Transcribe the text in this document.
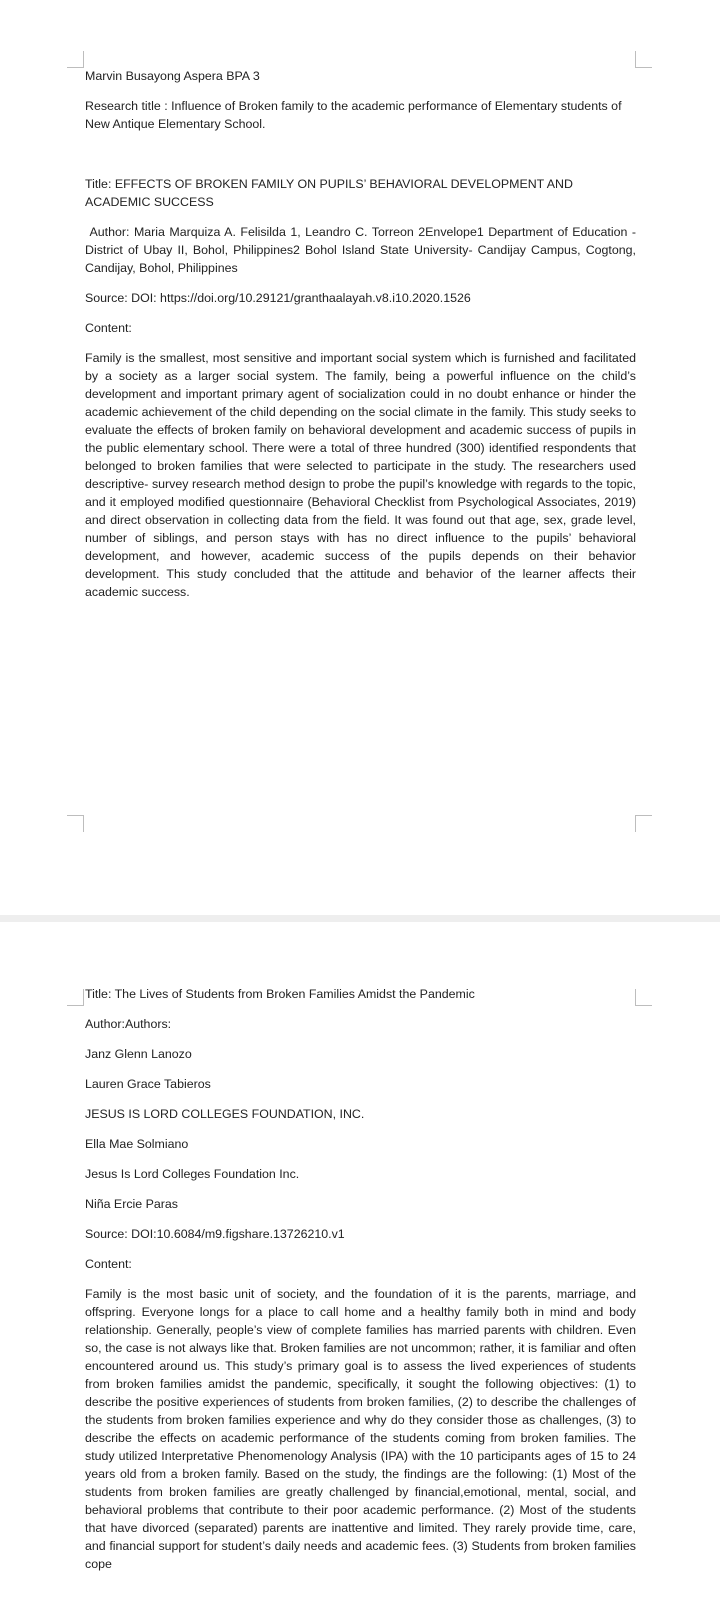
Marvin Busayong Aspera BPA 3

Research title : Influence of Broken family to the academic performance of Elementary students of New Antique Elementary School.

Title: EFFECTS OF BROKEN FAMILY ON PUPILS’ BEHAVIORAL DEVELOPMENT AND ACADEMIC SUCCESS

Author: Maria Marquiza A. Felisilda 1, Leandro C. Torreon 2Envelope1 Department of Education - District of Ubay II, Bohol, Philippines2 Bohol Island State University- Candijay Campus, Cogtong, Candijay, Bohol, Philippines

Source: DOI: https://doi.org/10.29121/granthaalayah.v8.i10.2020.1526

Content:

Family is the smallest, most sensitive and important social system which is furnished and facilitated by a society as a larger social system. The family, being a powerful influence on the child’s development and important primary agent of socialization could in no doubt enhance or hinder the academic achievement of the child depending on the social climate in the family. This study seeks to evaluate the effects of broken family on behavioral development and academic success of pupils in the public elementary school. There were a total of three hundred (300) identified respondents that belonged to broken families that were selected to participate in the study. The researchers used descriptive- survey research method design to probe the pupil’s knowledge with regards to the topic, and it employed modified questionnaire (Behavioral Checklist from Psychological Associates, 2019) and direct observation in collecting data from the field. It was found out that age, sex, grade level, number of siblings, and person stays with has no direct influence to the pupils’ behavioral development, and however, academic success of the pupils depends on their behavior development. This study concluded that the attitude and behavior of the learner affects their academic success.

Title: The Lives of Students from Broken Families Amidst the Pandemic

Author:Authors:

Janz Glenn Lanozo

Lauren Grace Tabieros

JESUS IS LORD COLLEGES FOUNDATION, INC.

Ella Mae Solmiano

Jesus Is Lord Colleges Foundation Inc.

Niña Ercie Paras

Source: DOI:10.6084/m9.figshare.13726210.v1

Content:

Family is the most basic unit of society, and the foundation of it is the parents, marriage, and offspring. Everyone longs for a place to call home and a healthy family both in mind and body relationship. Generally, people’s view of complete families has married parents with children. Even so, the case is not always like that. Broken families are not uncommon; rather, it is familiar and often encountered around us. This study’s primary goal is to assess the lived experiences of students from broken families amidst the pandemic, specifically, it sought the following objectives: (1) to describe the positive experiences of students from broken families, (2) to describe the challenges of the students from broken families experience and why do they consider those as challenges, (3) to describe the effects on academic performance of the students coming from broken families. The study utilized Interpretative Phenomenology Analysis (IPA) with the 10 participants ages of 15 to 24 years old from a broken family. Based on the study, the findings are the following: (1) Most of the students from broken families are greatly challenged by financial,emotional, mental, social, and behavioral problems that contribute to their poor academic performance. (2) Most of the students that have divorced (separated) parents are inattentive and limited. They rarely provide time, care, and financial support for student’s daily needs and academic fees. (3) Students from broken families cope
